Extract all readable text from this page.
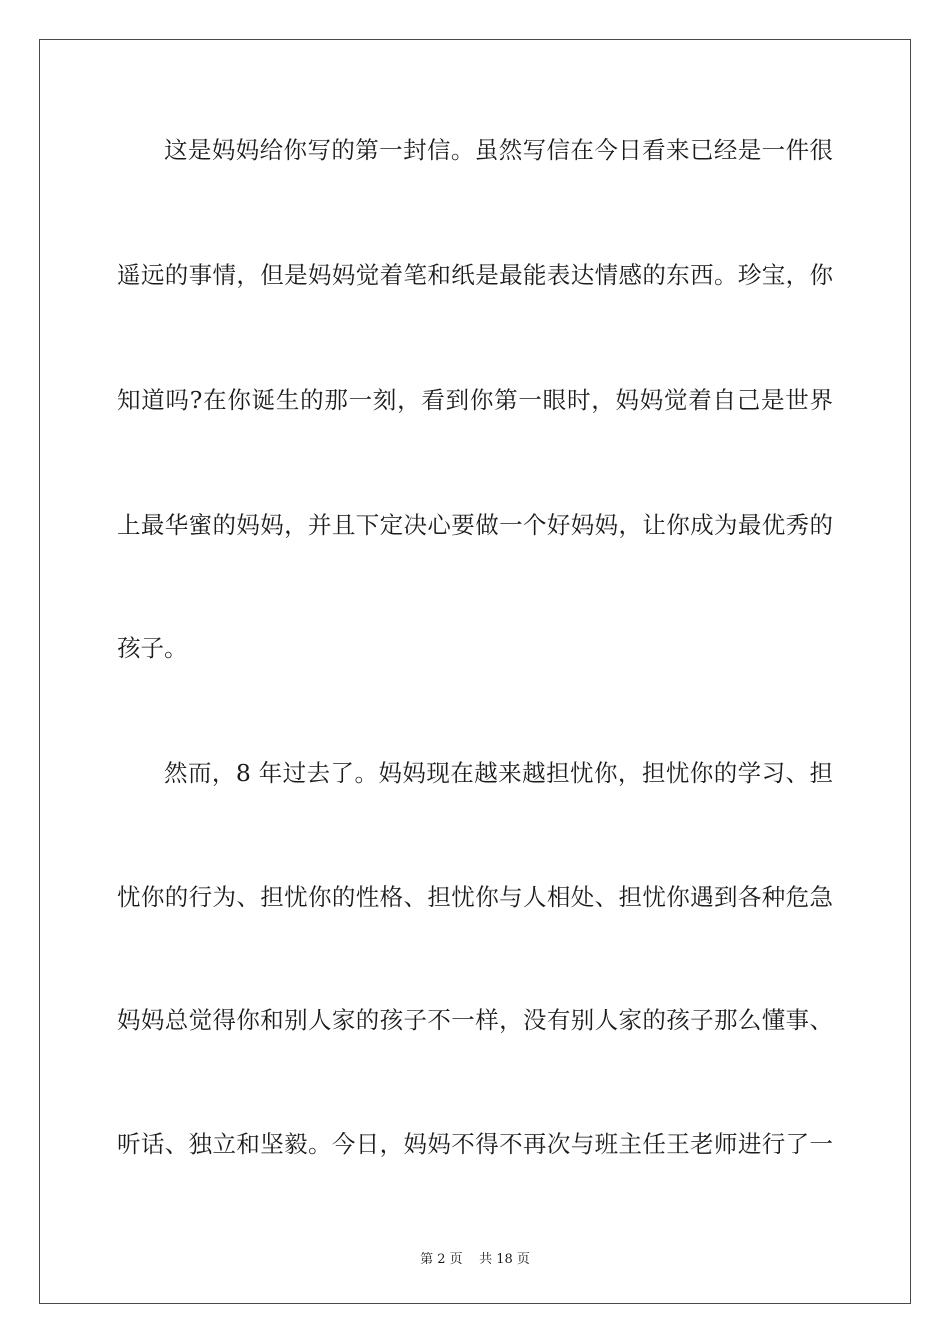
这是妈妈给你写的第一封信。虽然写信在今日看来已经是一件很
遥远的事情，但是妈妈觉着笔和纸是最能表达情感的东西。珍宝，你
知道吗?在你诞生的那一刻，看到你第一眼时，妈妈觉着自己是世界
上最华蜜的妈妈，并且下定决心要做一个好妈妈，让你成为最优秀的
孩子。
然而，8 年过去了。妈妈现在越来越担忧你，担忧你的学习、担
忧你的行为、担忧你的性格、担忧你与人相处、担忧你遇到各种危急
妈妈总觉得你和别人家的孩子不一样，没有别人家的孩子那么懂事、
听话、独立和坚毅。今日，妈妈不得不再次与班主任王老师进行了一
第 2 页    共 18 页
